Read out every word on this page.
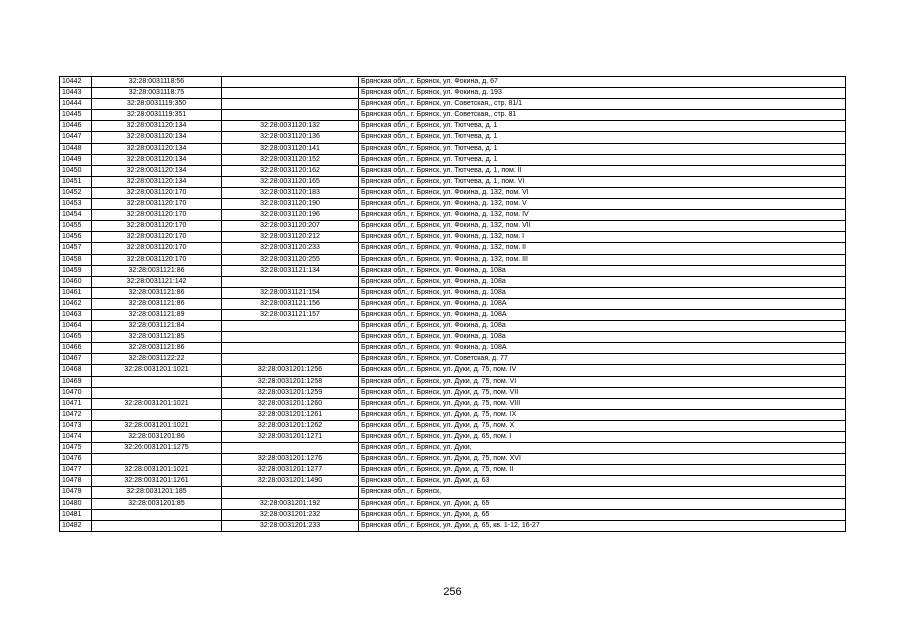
10442	32:28:0031118:56		Брянская обл., г. Брянск, ул. Фокина, д. 67
10443	32:28:0031118:75		Брянская обл., г. Брянск, ул. Фокина, д. 193
10444	32:28:0031119:350		Брянская обл., г. Брянск, ул. Советская,, стр. 81/1
10445	32:28:0031119:351		Брянская обл., г. Брянск, ул. Советская,, стр. 81
10446	32:28:0031120:134	32:28:0031120:132	Брянская обл., г. Брянск, ул. Тютчева, д. 1
10447	32:28:0031120:134	32:28:0031120:136	Брянская обл., г. Брянск, ул. Тютчева, д. 1
10448	32:28:0031120:134	32:28:0031120:141	Брянская обл., г. Брянск, ул. Тютчева, д. 1
10449	32:28:0031120:134	32:28:0031120:152	Брянская обл., г. Брянск, ул. Тютчева, д. 1
10450	32:28:0031120:134	32:28:0031120:162	Брянская обл., г. Брянск, ул. Тютчева, д. 1, пом. II
10451	32:28:0031120:134	32:28:0031120:165	Брянская обл., г. Брянск, ул. Тютчева, д. 1, пом. VI
10452	32:28:0031120:170	32:28:0031120:183	Брянская обл., г. Брянск, ул. Фокина, д. 132, пом. VI
10453	32:28:0031120:170	32:28:0031120:190	Брянская обл., г. Брянск, ул. Фокина, д. 132, пом. V
10454	32:28:0031120:170	32:28:0031120:196	Брянская обл., г. Брянск, ул. Фокина, д. 132, пом. IV
10455	32:28:0031120:170	32:28:0031120:207	Брянская обл., г. Брянск, ул. Фокина, д. 132, пом. VII
10456	32:28:0031120:170	32:28:0031120:212	Брянская обл., г. Брянск, ул. Фокина, д. 132, пом. I
10457	32:28:0031120:170	32:28:0031120:233	Брянская обл., г. Брянск, ул. Фокина, д. 132, пом. II
10458	32:28:0031120:170	32:28:0031120:255	Брянская обл., г. Брянск, ул. Фокина, д. 132, пом. III
10459	32:28:0031121:86	32:28:0031121:134	Брянская обл., г. Брянск, ул. Фокина, д. 108а
10460	32:28:0031121:142		Брянская обл., г. Брянск, ул. Фокина, д. 108а
10461	32:28:0031121:86	32:28:0031121:154	Брянская обл., г. Брянск, ул. Фокина, д. 108а
10462	32:28:0031121:86	32:28:0031121:156	Брянская обл., г. Брянск, ул. Фокина, д. 108А
10463	32:28:0031121:89	32:28:0031121:157	Брянская обл., г. Брянск, ул. Фокина, д. 108А
10464	32:28:0031121:84		Брянская обл., г. Брянск, ул. Фокина, д. 108а
10465	32:28:0031121:85		Брянская обл., г. Брянск, ул. Фокина, д. 108а
10466	32:28:0031121:86		Брянская обл., г. Брянск, ул. Фокина, д. 108А
10467	32:28:0031122:22		Брянская обл., г. Брянск, ул. Советская, д. 77
10468	32:28:0031201:1021	32:28:0031201:1256	Брянская обл., г. Брянск, ул. Дуки, д. 75, пом. IV
10469		32:28:0031201:1258	Брянская обл., г. Брянск, ул. Дуки, д. 75, пом. VI
10470		32:28:0031201:1259	Брянская обл., г. Брянск, ул. Дуки, д. 75, пом. VII
10471	32:28:0031201:1021	32:28:0031201:1260	Брянская обл., г. Брянск, ул. Дуки, д. 75, пом. VIII
10472		32:28:0031201:1261	Брянская обл., г. Брянск, ул. Дуки, д. 75, пом. IX
10473	32:28:0031201:1021	32:28:0031201:1262	Брянская обл., г. Брянск, ул. Дуки, д. 75, пом. X
10474	32:28:0031201:86	32:28:0031201:1271	Брянская обл., г. Брянск, ул. Дуки, д. 65, пом. I
10475	32:26:0031201:1275		Брянская обл., г. Брянск, ул. Дуки,
10476		32:28:0031201:1276	Брянская обл., г. Брянск, ул. Дуки, д. 75, пом. XVI
10477	32:28:0031201:1021	32:28:0031201:1277	Брянская обл., г. Брянск, ул. Дуки, д. 75, пом. II
10478	32:28:0031201:1261	32:28:0031201:1490	Брянская обл., г. Брянск, ул. Дуки, д. 63
10479	32:28:0031201:185		Брянская обл., г. Брянск,
10480	32:28:0031201:85	32:28:0031201:192	Брянская обл., г. Брянск, ул. Дуки, д. 65
10481		32:28:0031201:232	Брянская обл., г. Брянск, ул. Дуки, д. 65
10482		32:28:0031201:233	Брянская обл., г. Брянск, ул. Дуки, д. 65, кв. 1-12, 16-27
256
